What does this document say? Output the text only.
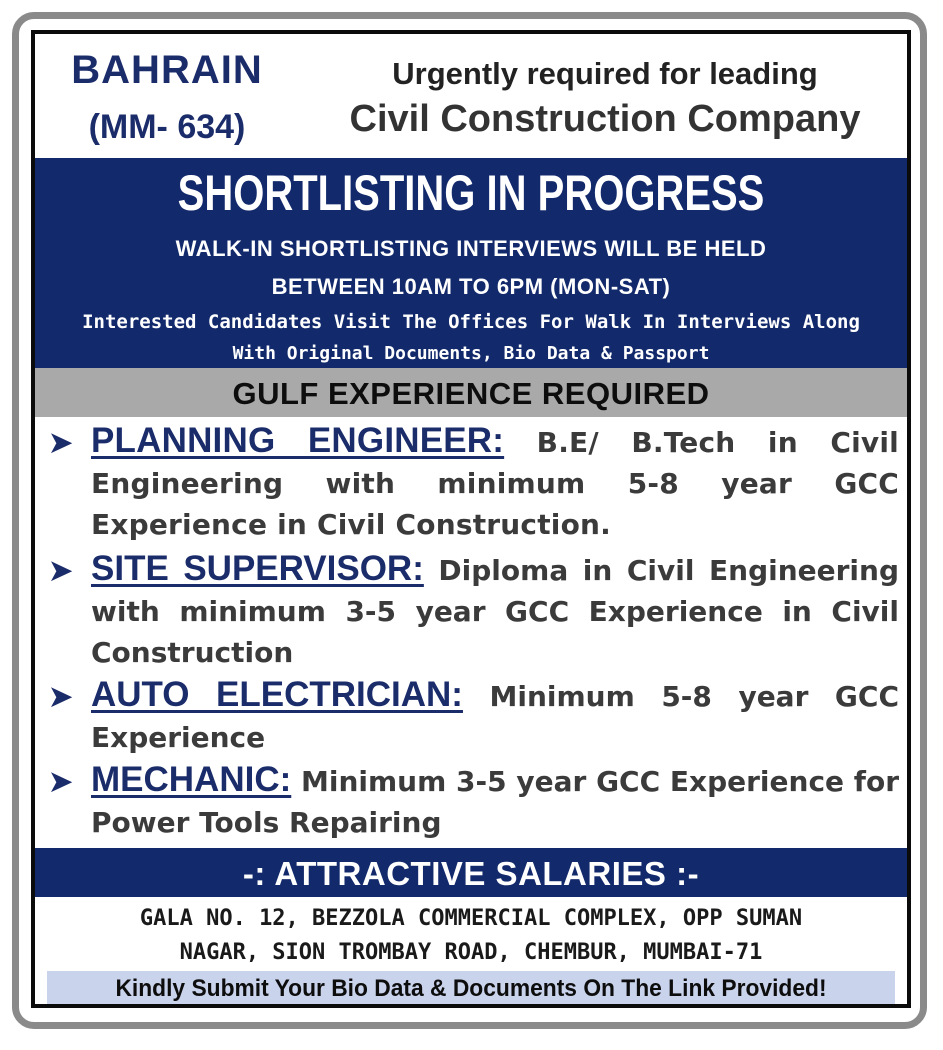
BAHRAIN
(MM- 634)
Urgently required for leading
Civil Construction Company
SHORTLISTING IN PROGRESS
WALK-IN SHORTLISTING INTERVIEWS WILL BE HELD
BETWEEN 10AM TO 6PM (MON-SAT)
Interested Candidates Visit The Offices For Walk In Interviews Along
With Original Documents, Bio Data & Passport
GULF EXPERIENCE REQUIRED
➤ PLANNING ENGINEER: B.E/ B.Tech in Civil Engineering with minimum 5-8 year GCC Experience in Civil Construction.
➤ SITE SUPERVISOR: Diploma in Civil Engineering with minimum 3-5 year GCC Experience in Civil Construction
➤ AUTO ELECTRICIAN: Minimum 5-8 year GCC Experience
➤ MECHANIC: Minimum 3-5 year GCC Experience for Power Tools Repairing
-: ATTRACTIVE SALARIES :-
GALA NO. 12, BEZZOLA COMMERCIAL COMPLEX, OPP SUMAN
NAGAR, SION TROMBAY ROAD, CHEMBUR, MUMBAI-71
Kindly Submit Your Bio Data & Documents On The Link Provided!
